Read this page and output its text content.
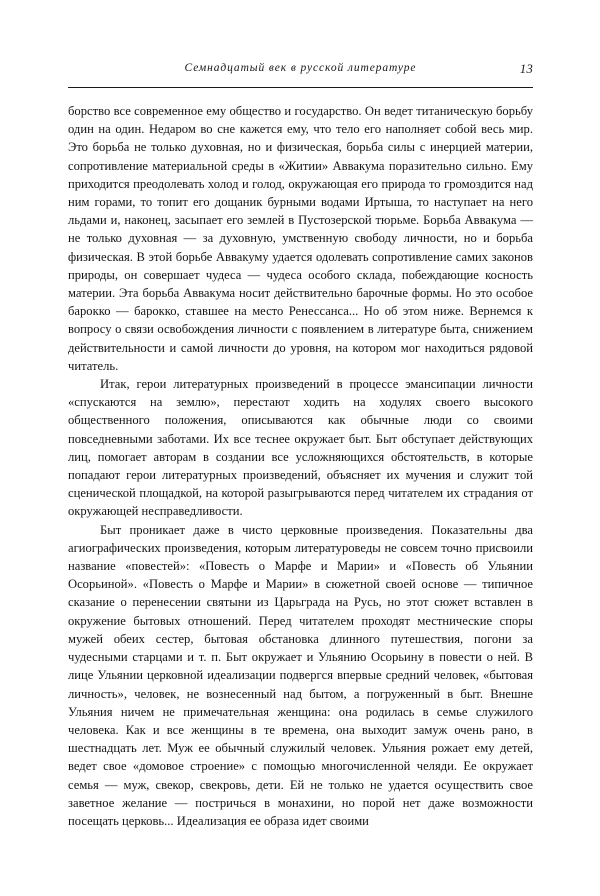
Семнадцатый век в русской литературе	13

борство все современное ему общество и государство. Он ведет титаническую борьбу один на один. Недаром во сне кажется ему, что тело его наполняет собой весь мир. Это борьба не только духовная, но и физическая, борьба силы с инерцией материи, сопротивление материальной среды в «Житии» Аввакума поразительно сильно. Ему приходится преодолевать холод и голод, окружающая его природа то громоздится над ним горами, то топит его дощаник бурными водами Иртыша, то наступает на него льдами и, наконец, засыпает его землей в Пустозерской тюрьме. Борьба Аввакума — не только духовная — за духовную, умственную свободу личности, но и борьба физическая. В этой борьбе Аввакуму удается одолевать сопротивление самих законов природы, он совершает чудеса — чудеса особого склада, побеждающие косность материи. Эта борьба Аввакума носит действительно барочные формы. Но это особое барокко — барокко, ставшее на место Ренессанса... Но об этом ниже. Вернемся к вопросу о связи освобождения личности с появлением в литературе быта, снижением действительности и самой личности до уровня, на котором мог находиться рядовой читатель.

Итак, герои литературных произведений в процессе эмансипации личности «спускаются на землю», перестают ходить на ходулях своего высокого общественного положения, описываются как обычные люди со своими повседневными заботами. Их все теснее окружает быт. Быт обступает действующих лиц, помогает авторам в создании все усложняющихся обстоятельств, в которые попадают герои литературных произведений, объясняет их мучения и служит той сценической площадкой, на которой разыгрываются перед читателем их страдания от окружающей несправедливости.

Быт проникает даже в чисто церковные произведения. Показательны два агиографических произведения, которым литературоведы не совсем точно присвоили название «повестей»: «Повесть о Марфе и Марии» и «Повесть об Ульянии Осорьиной». «Повесть о Марфе и Марии» в сюжетной своей основе — типичное сказание о перенесении святыни из Царьграда на Русь, но этот сюжет вставлен в окружение бытовых отношений. Перед читателем проходят местнические споры мужей обеих сестер, бытовая обстановка длинного путешествия, погони за чудесными старцами и т. п. Быт окружает и Ульянию Осорьину в повести о ней. В лице Ульянии церковной идеализации подвергся впервые средний человек, «бытовая личность», человек, не вознесенный над бытом, а погруженный в быт. Внешне Ульяния ничем не примечательная женщина: она родилась в семье служилого человека. Как и все женщины в те времена, она выходит замуж очень рано, в шестнадцать лет. Муж ее обычный служилый человек. Ульяния рожает ему детей, ведет свое «домовое строение» с помощью многочисленной челяди. Ее окружает семья — муж, свекор, свекровь, дети. Ей не только не удается осуществить свое заветное желание — постричься в монахини, но порой нет даже возможности посещать церковь... Идеализация ее образа идет своими
